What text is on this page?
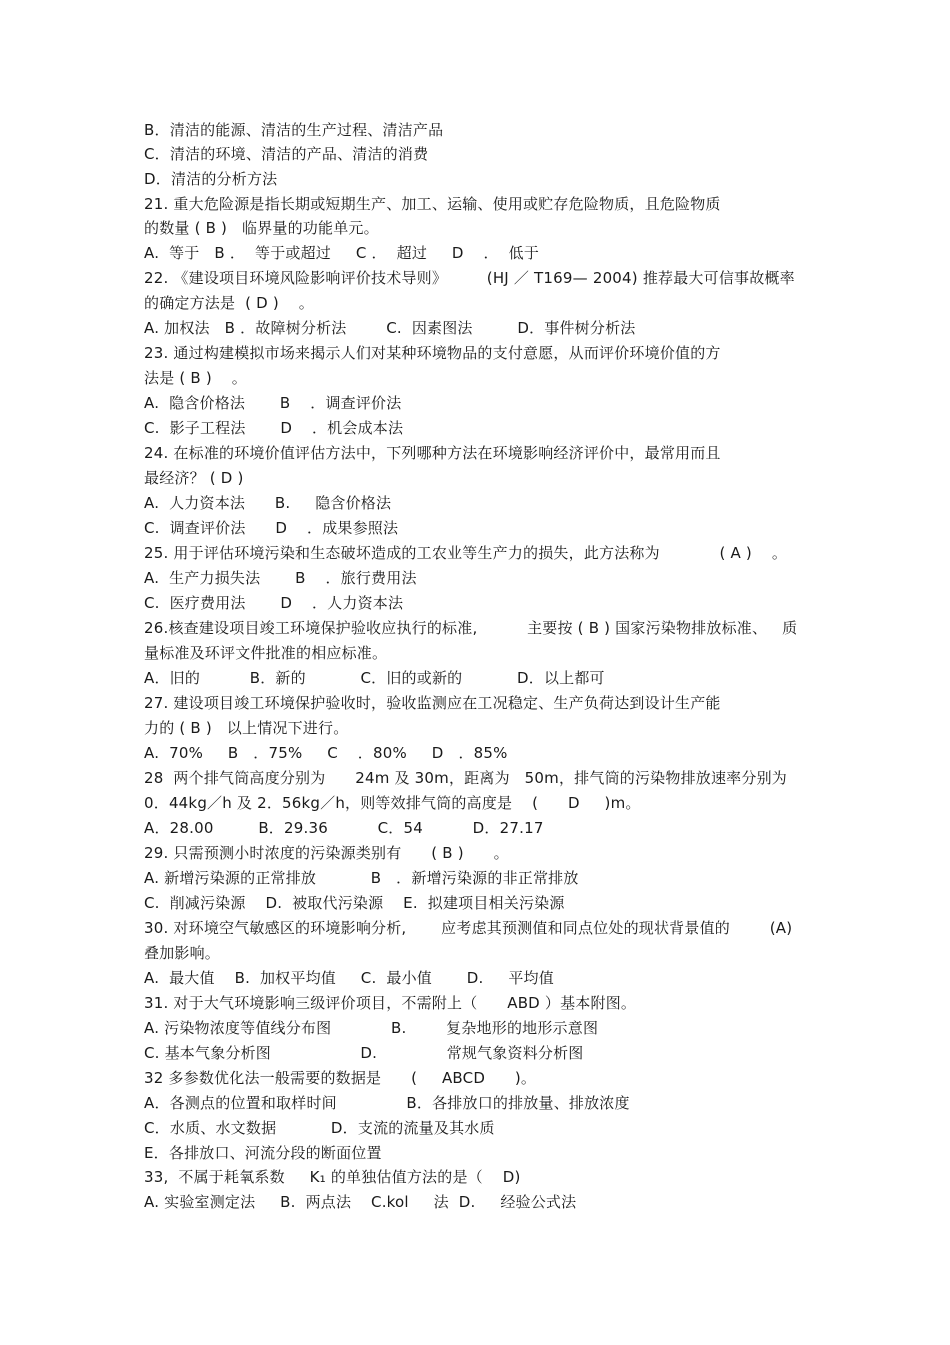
B．清洁的能源、清洁的生产过程、清洁产品
C．清洁的环境、清洁的产品、清洁的消费
D．清洁的分析方法
21. 重大危险源是指长期或短期生产、加工、运输、使用或贮存危险物质，且危险物质
的数量 ( B )   临界量的功能单元。
A.  等于   B ．  等于或超过     C ．  超过     D    ．  低于
22. 《建设项目环境风险影响评价技术导则》        (HJ ／ T169— 2004) 推荐最大可信事故概率
的确定方法是  ( D )    。
A. 加权法   B ．故障树分析法        C.  因素图法         D．事件树分析法
23. 通过构建模拟市场来揭示人们对某种环境物品的支付意愿，从而评价环境价值的方
法是 ( B )    。
A.  隐含价格法       B    ．调查评价法
C.  影子工程法       D    ．机会成本法
24. 在标准的环境价值评估方法中，下列哪种方法在环境影响经济评价中，最常用而且
最经济？ ( D )
A.  人力资本法      B.     隐含价格法
C.  调查评价法      D    ．成果参照法
25. 用于评估环境污染和生态破坏造成的工农业等生产力的损失，此方法称为            ( A )    。
A.  生产力损失法       B    ．旅行费用法
C.  医疗费用法       D    ．人力资本法
26.核查建设项目竣工环境保护验收应执行的标准,          主要按 ( B ) 国家污染物排放标准、   质
量标准及环评文件批准的相应标准。
A．旧的          B．新的           C．旧的或新的           D．以上都可
27. 建设项目竣工环境保护验收时，验收监测应在工况稳定、生产负荷达到设计生产能
力的 ( B )   以上情况下进行。
A.  70%     B   ．75%     C    ．80%     D   ．85%
28  两个排气筒高度分别为      24m 及 30m，距离为   50m，排气筒的污染物排放速率分别为
0．44kg／h 及 2．56kg／h，则等效排气筒的高度是    (      D     )m。
A．28.00         B．29.36          C．54          D．27.17
29. 只需预测小时浓度的污染源类别有      ( B )      。
A. 新增污染源的正常排放           B   ．新增污染源的非正常排放
C.  削减污染源    D.  被取代污染源    E.  拟建项目相关污染源
30. 对环境空气敏感区的环境影响分析,       应考虑其预测值和同点位处的现状背景值的        (A)
叠加影响。
A.  最大值    B.  加权平均值     C.  最小值       D.     平均值
31. 对于大气环境影响三级评价项目，不需附上（      ABD ）基本附图。
A. 污染物浓度等值线分布图            B.        复杂地形的地形示意图
C. 基本气象分析图                  D.              常规气象资料分析图
32 多参数优化法一般需要的数据是      (     ABCD      )。
A．各测点的位置和取样时间              B．各排放口的排放量、排放浓度
C．水质、水文数据           D．支流的流量及其水质
E．各排放口、河流分段的断面位置
33,  不属于耗氧系数     K₁ 的单独估值方法的是（    D)
A. 实验室测定法     B.  两点法    C.kol     法  D.     经验公式法
